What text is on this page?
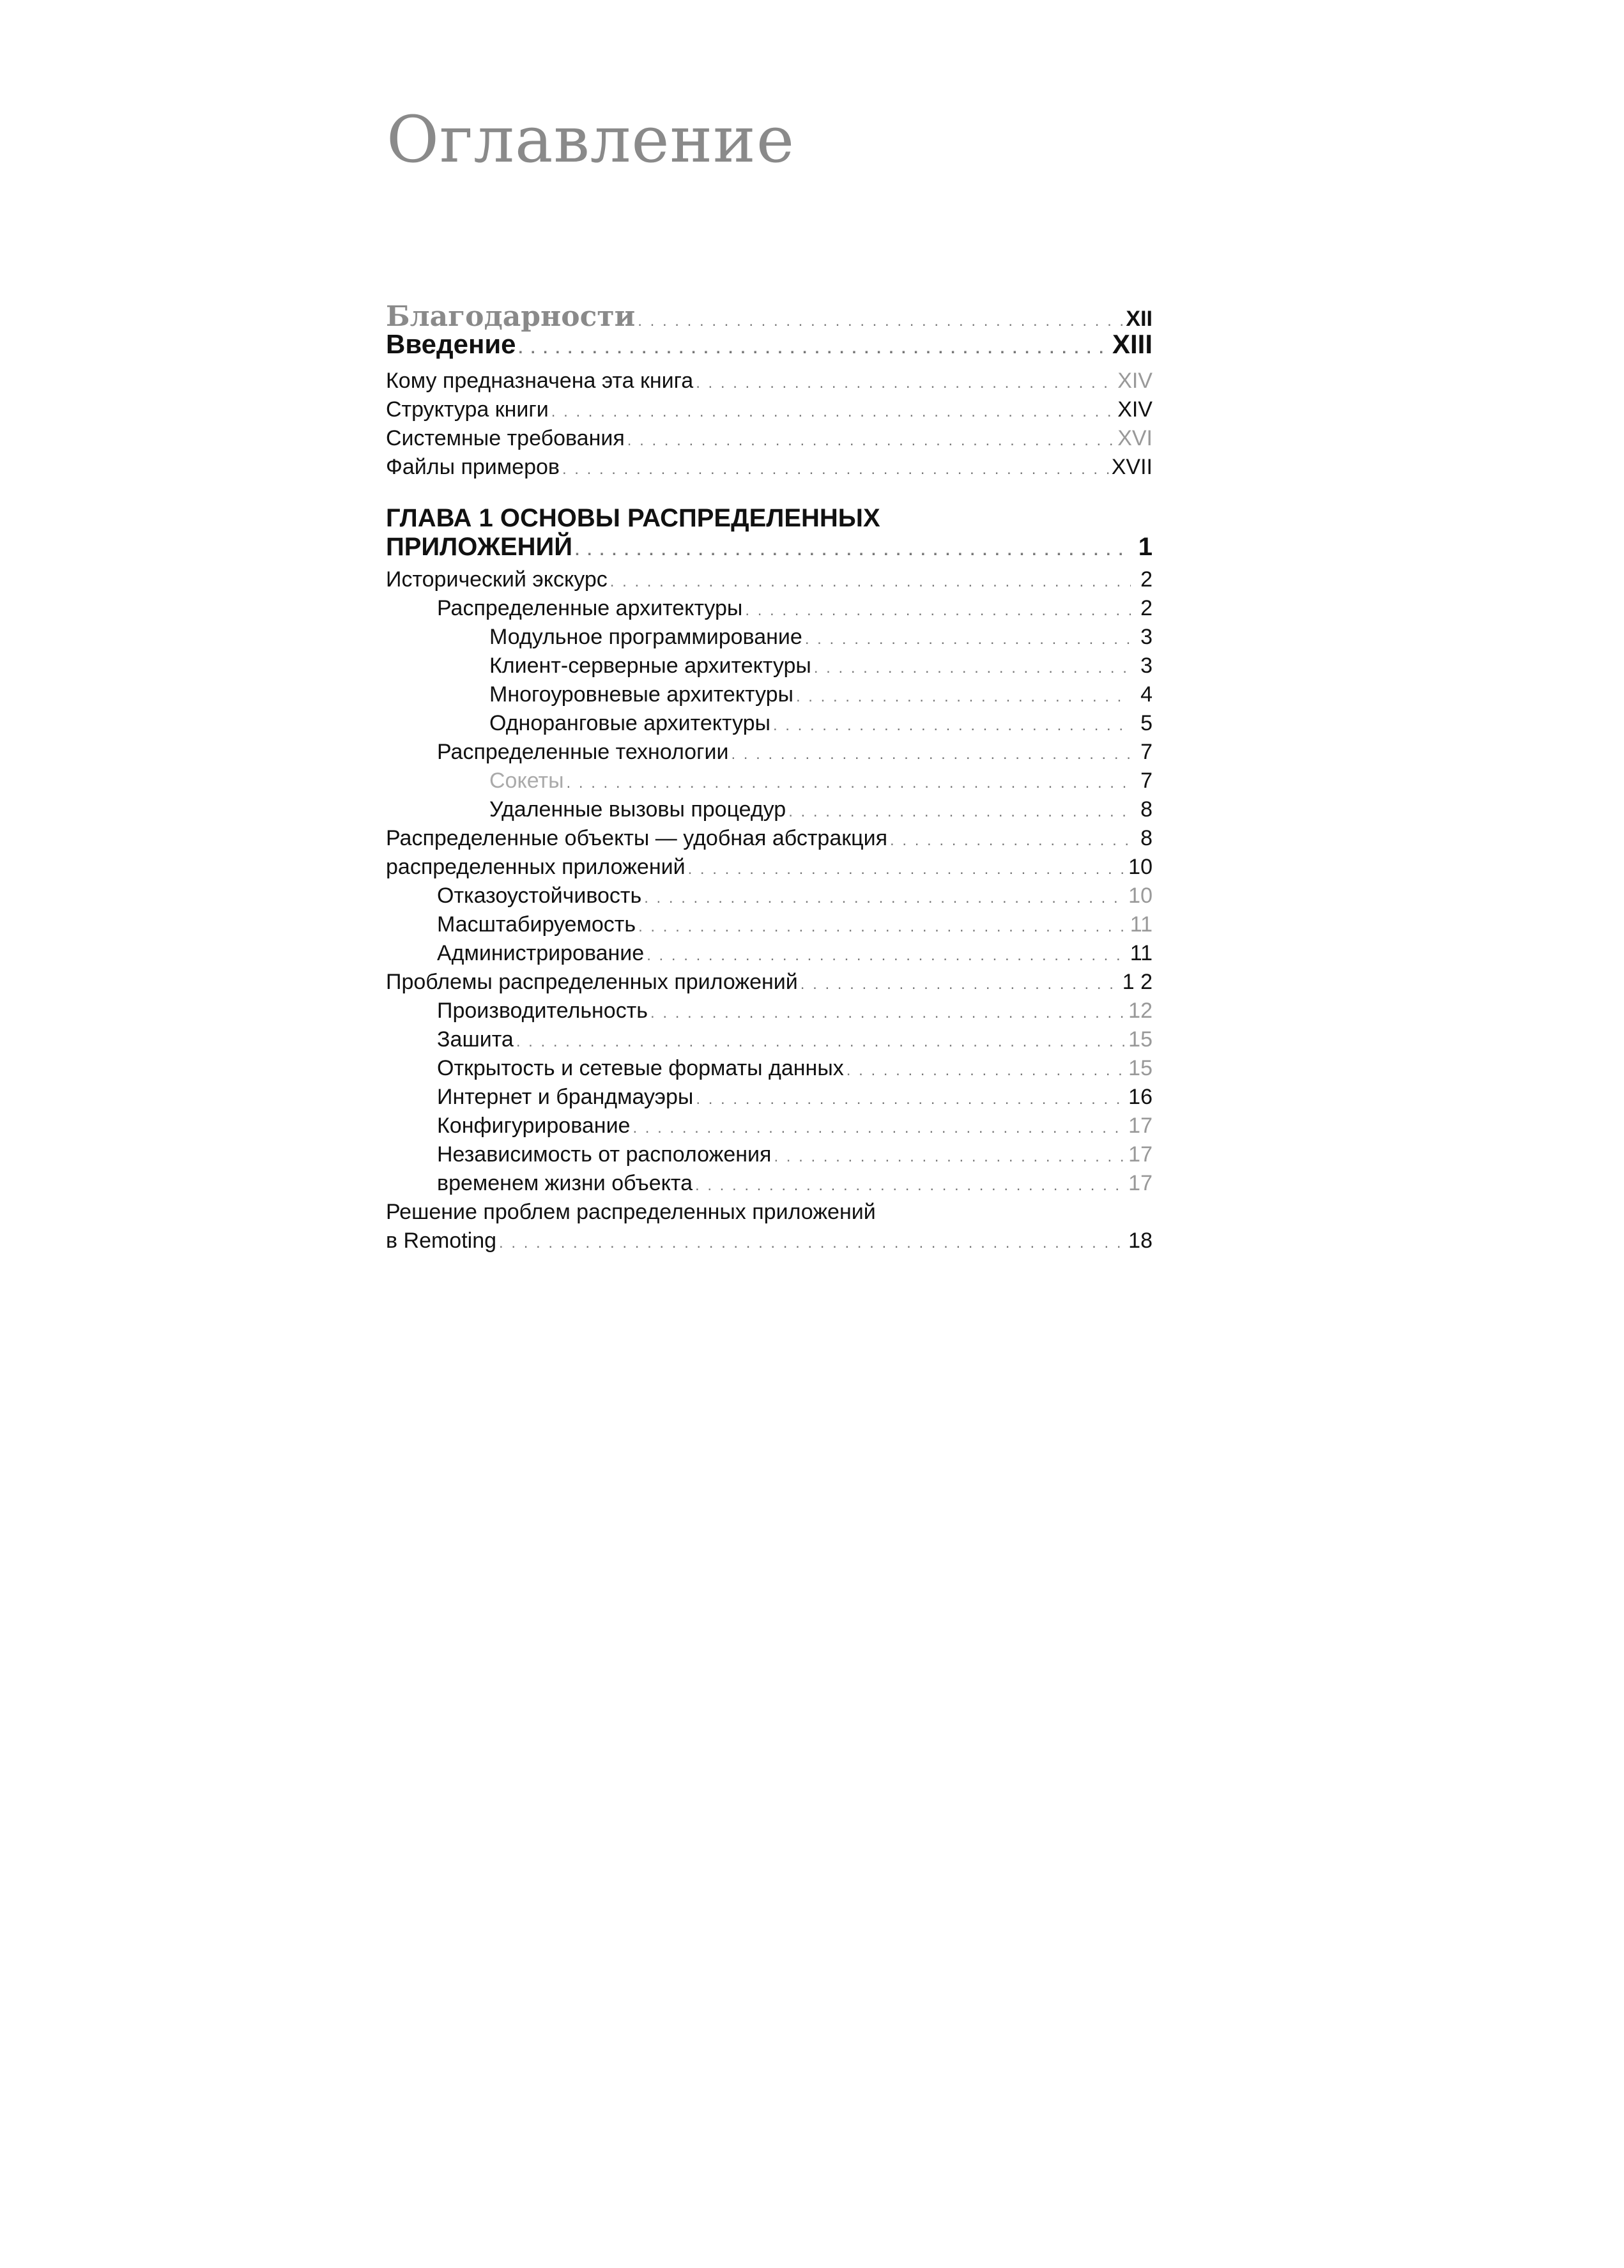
Оглавление
Благодарности . . .	XII
Введение . . .	XIII
Кому предназначена эта книга . . .	XIV
Структура книги . . .	XIV
Системные требования . . .	XVI
Файлы примеров . . .	XVII
ГЛАВА 1 ОСНОВЫ РАСПРЕДЕЛЕННЫХ
ПРИЛОЖЕНИЙ . . .	1
Исторический экскурс . . .	2
Распределенные архитектуры . . .	2
Модульное программирование . . .	3
Клиент-серверные архитектуры . . .	3
Многоуровневые архитектуры . . .	4
Одноранговые архитектуры . . .	5
Распределенные технологии . . .	7
Сокеты . . .	7
Удаленные вызовы процедур . . .	8
Распределенные объекты — удобная абстракция . . .	8
распределенных приложений . . .	10
Отказоустойчивость . . .	10
Масштабируемость . . .	11
Администрирование . . .	11
Проблемы распределенных приложений . . .	1 2
Производительность . . .	12
Зашита . . .	15
Открытость и сетевые форматы данных . . .	15
Интернет и брандмауэры . . .	16
Конфигурирование . . .	17
Независимость от расположения . . .	17
временем жизни объекта . . .	17
Решение проблем распределенных приложений
в Remoting . . .	18
